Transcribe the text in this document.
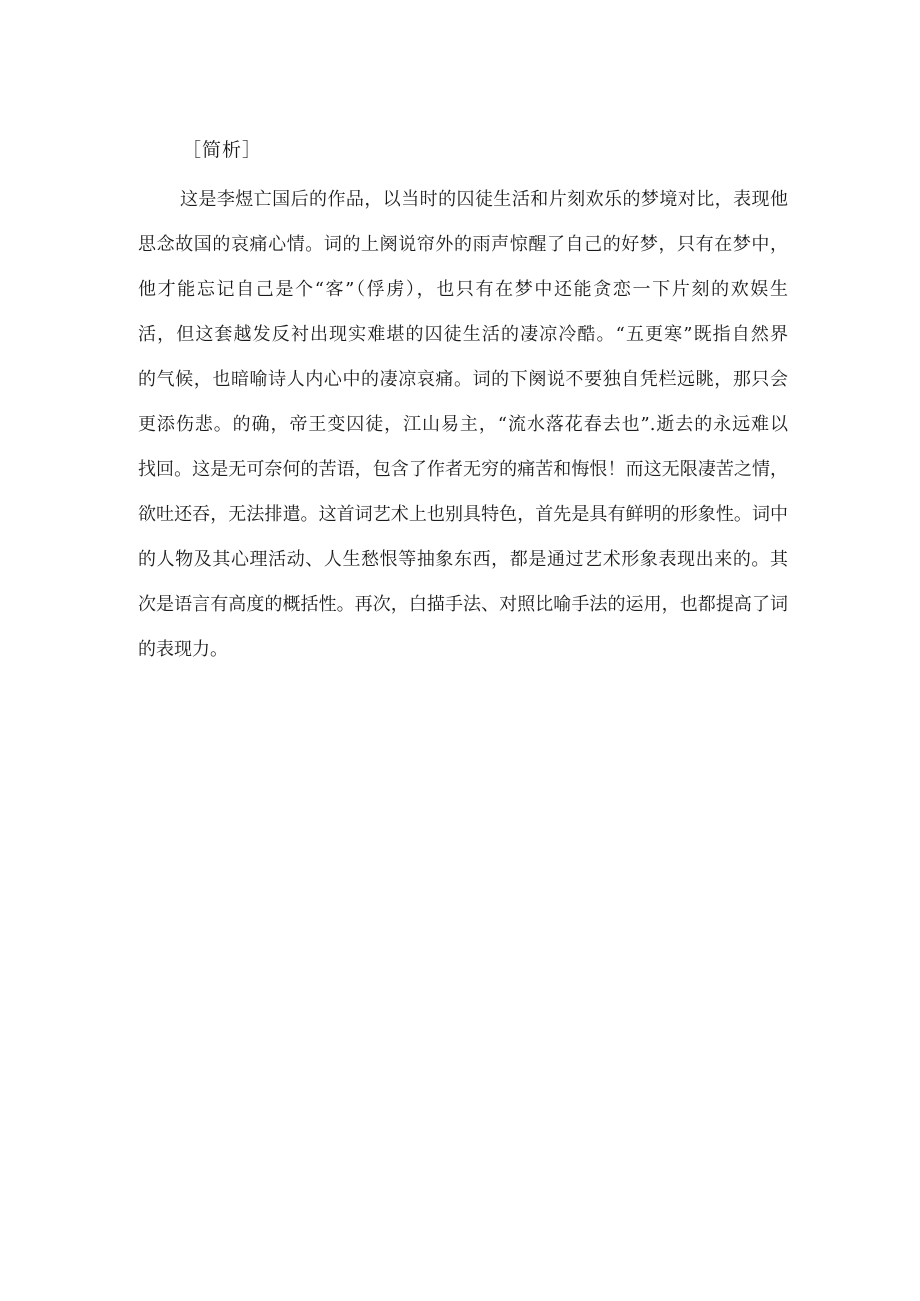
［简析］
这是李煜亡国后的作品，以当时的囚徒生活和片刻欢乐的梦境对比，表现他
思念故国的哀痛心情。词的上阕说帘外的雨声惊醒了自己的好梦，只有在梦中，
他才能忘记自己是个“客”（俘虏），也只有在梦中还能贪恋一下片刻的欢娱生
活，但这套越发反衬出现实难堪的囚徒生活的凄凉冷酷。“五更寒”既指自然界
的气候，也暗喻诗人内心中的凄凉哀痛。词的下阕说不要独自凭栏远眺，那只会
更添伤悲。的确，帝王变囚徒，江山易主，“流水落花春去也”.逝去的永远难以
找回。这是无可奈何的苦语，包含了作者无穷的痛苦和悔恨！而这无限凄苦之情，
欲吐还吞，无法排遣。这首词艺术上也别具特色，首先是具有鲜明的形象性。词中
的人物及其心理活动、人生愁恨等抽象东西，都是通过艺术形象表现出来的。其
次是语言有高度的概括性。再次，白描手法、对照比喻手法的运用，也都提高了词
的表现力。
